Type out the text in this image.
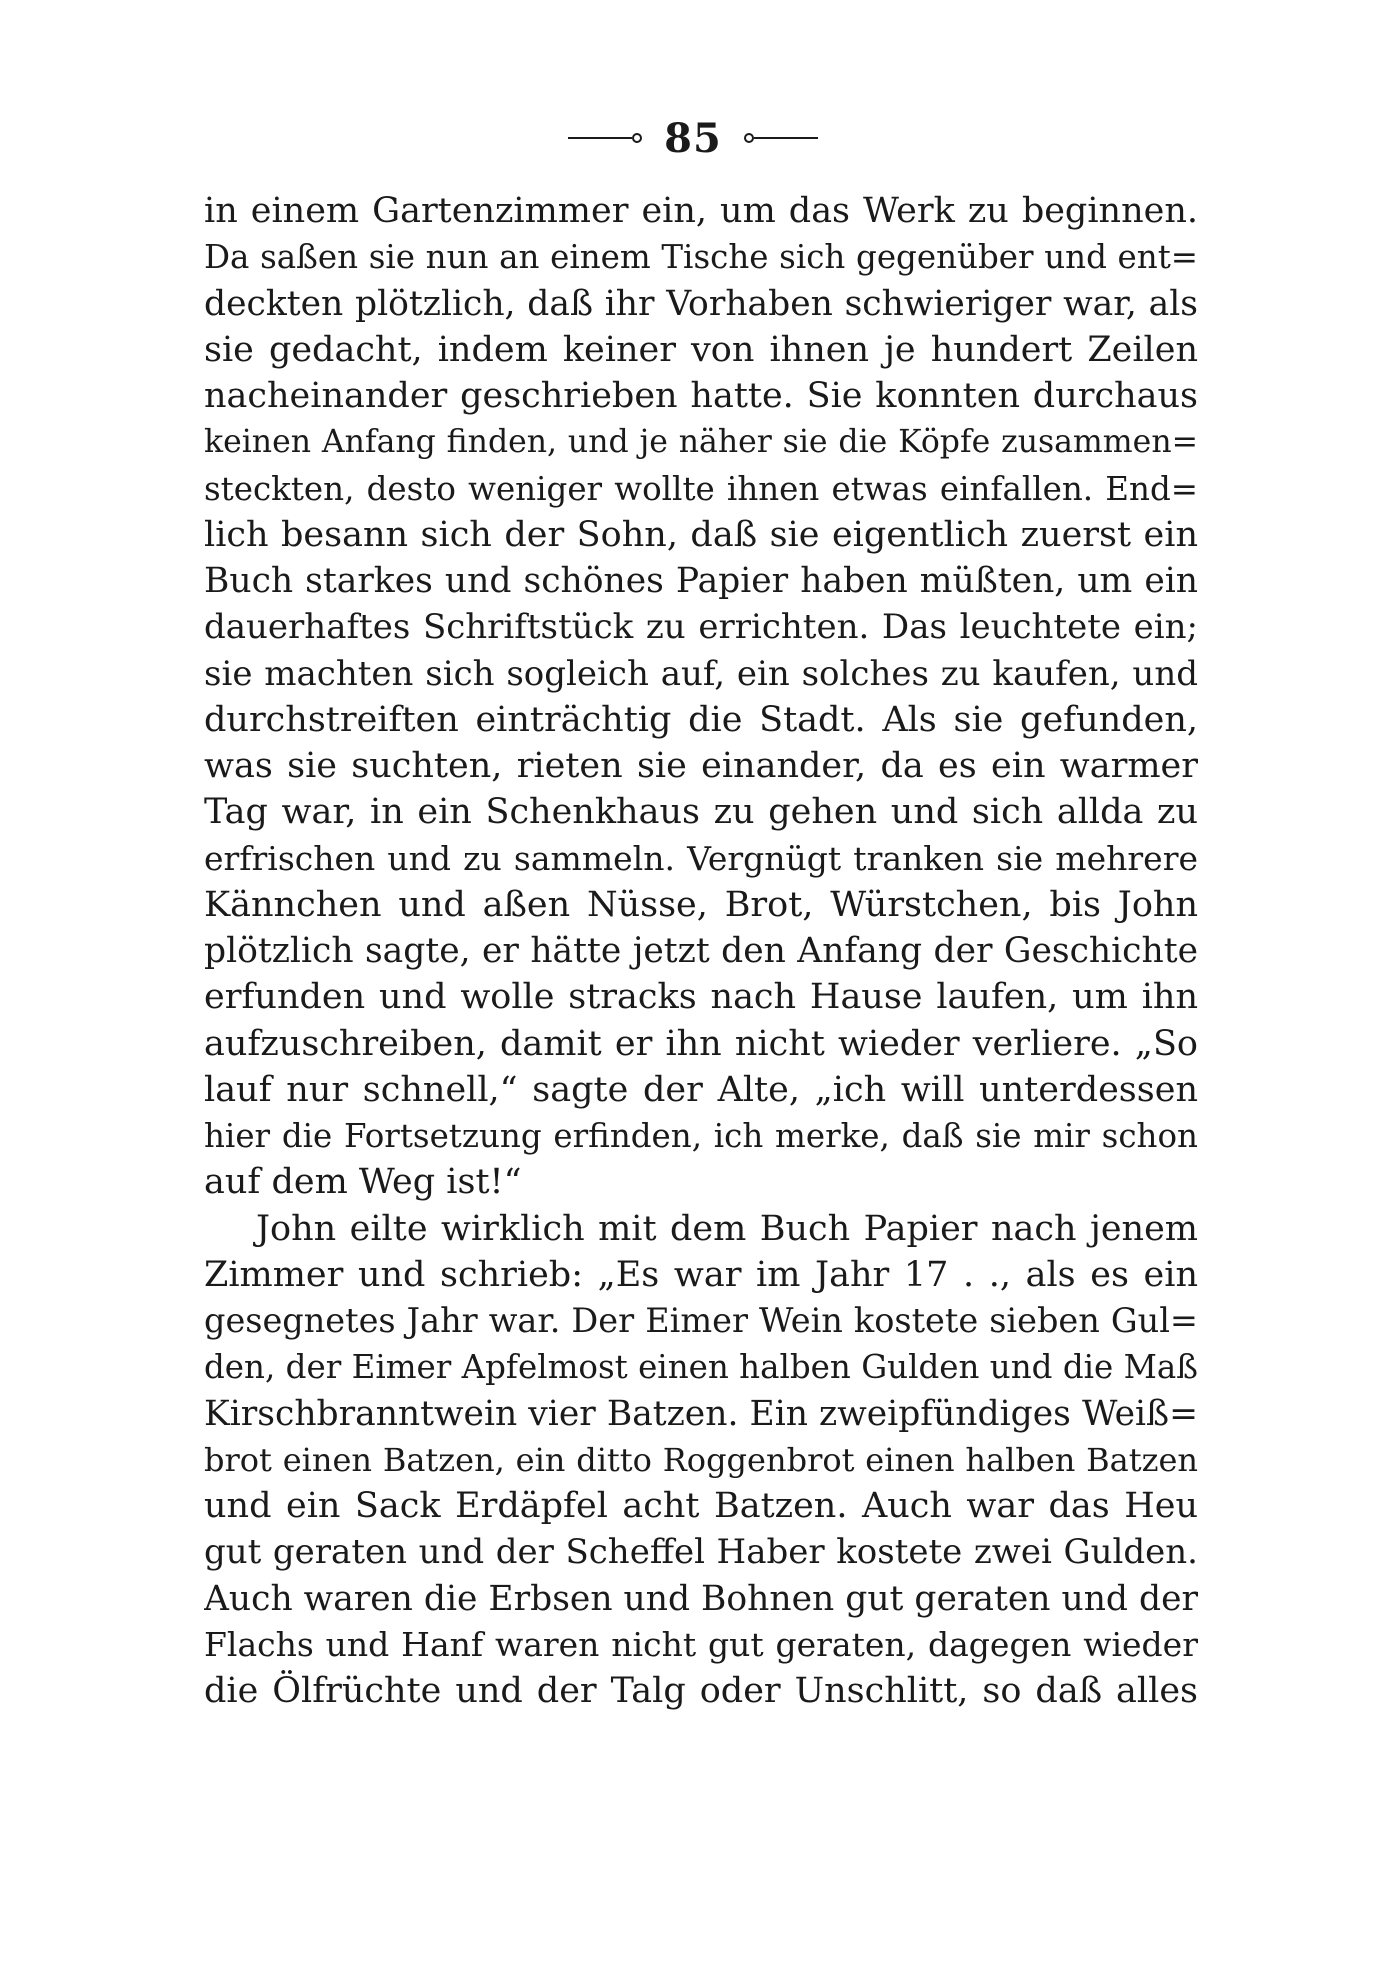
85
in einem Gartenzimmer ein, um das Werk zu beginnen.
Da saßen sie nun an einem Tische sich gegenüber und ent=
deckten plötzlich, daß ihr Vorhaben schwieriger war, als
sie gedacht, indem keiner von ihnen je hundert Zeilen
nacheinander geschrieben hatte. Sie konnten durchaus
keinen Anfang finden, und je näher sie die Köpfe zusammen=
steckten, desto weniger wollte ihnen etwas einfallen. End=
lich besann sich der Sohn, daß sie eigentlich zuerst ein
Buch starkes und schönes Papier haben müßten, um ein
dauerhaftes Schriftstück zu errichten. Das leuchtete ein;
sie machten sich sogleich auf, ein solches zu kaufen, und
durchstreiften einträchtig die Stadt. Als sie gefunden,
was sie suchten, rieten sie einander, da es ein warmer
Tag war, in ein Schenkhaus zu gehen und sich allda zu
erfrischen und zu sammeln. Vergnügt tranken sie mehrere
Kännchen und aßen Nüsse, Brot, Würstchen, bis John
plötzlich sagte, er hätte jetzt den Anfang der Geschichte
erfunden und wolle stracks nach Hause laufen, um ihn
aufzuschreiben, damit er ihn nicht wieder verliere. „So
lauf nur schnell,“ sagte der Alte, „ich will unterdessen
hier die Fortsetzung erfinden, ich merke, daß sie mir schon
auf dem Weg ist!“
John eilte wirklich mit dem Buch Papier nach jenem
Zimmer und schrieb: „Es war im Jahr 17 . ., als es ein
gesegnetes Jahr war. Der Eimer Wein kostete sieben Gul=
den, der Eimer Apfelmost einen halben Gulden und die Maß
Kirschbranntwein vier Batzen. Ein zweipfündiges Weiß=
brot einen Batzen, ein ditto Roggenbrot einen halben Batzen
und ein Sack Erdäpfel acht Batzen. Auch war das Heu
gut geraten und der Scheffel Haber kostete zwei Gulden.
Auch waren die Erbsen und Bohnen gut geraten und der
Flachs und Hanf waren nicht gut geraten, dagegen wieder
die Ölfrüchte und der Talg oder Unschlitt, so daß alles
